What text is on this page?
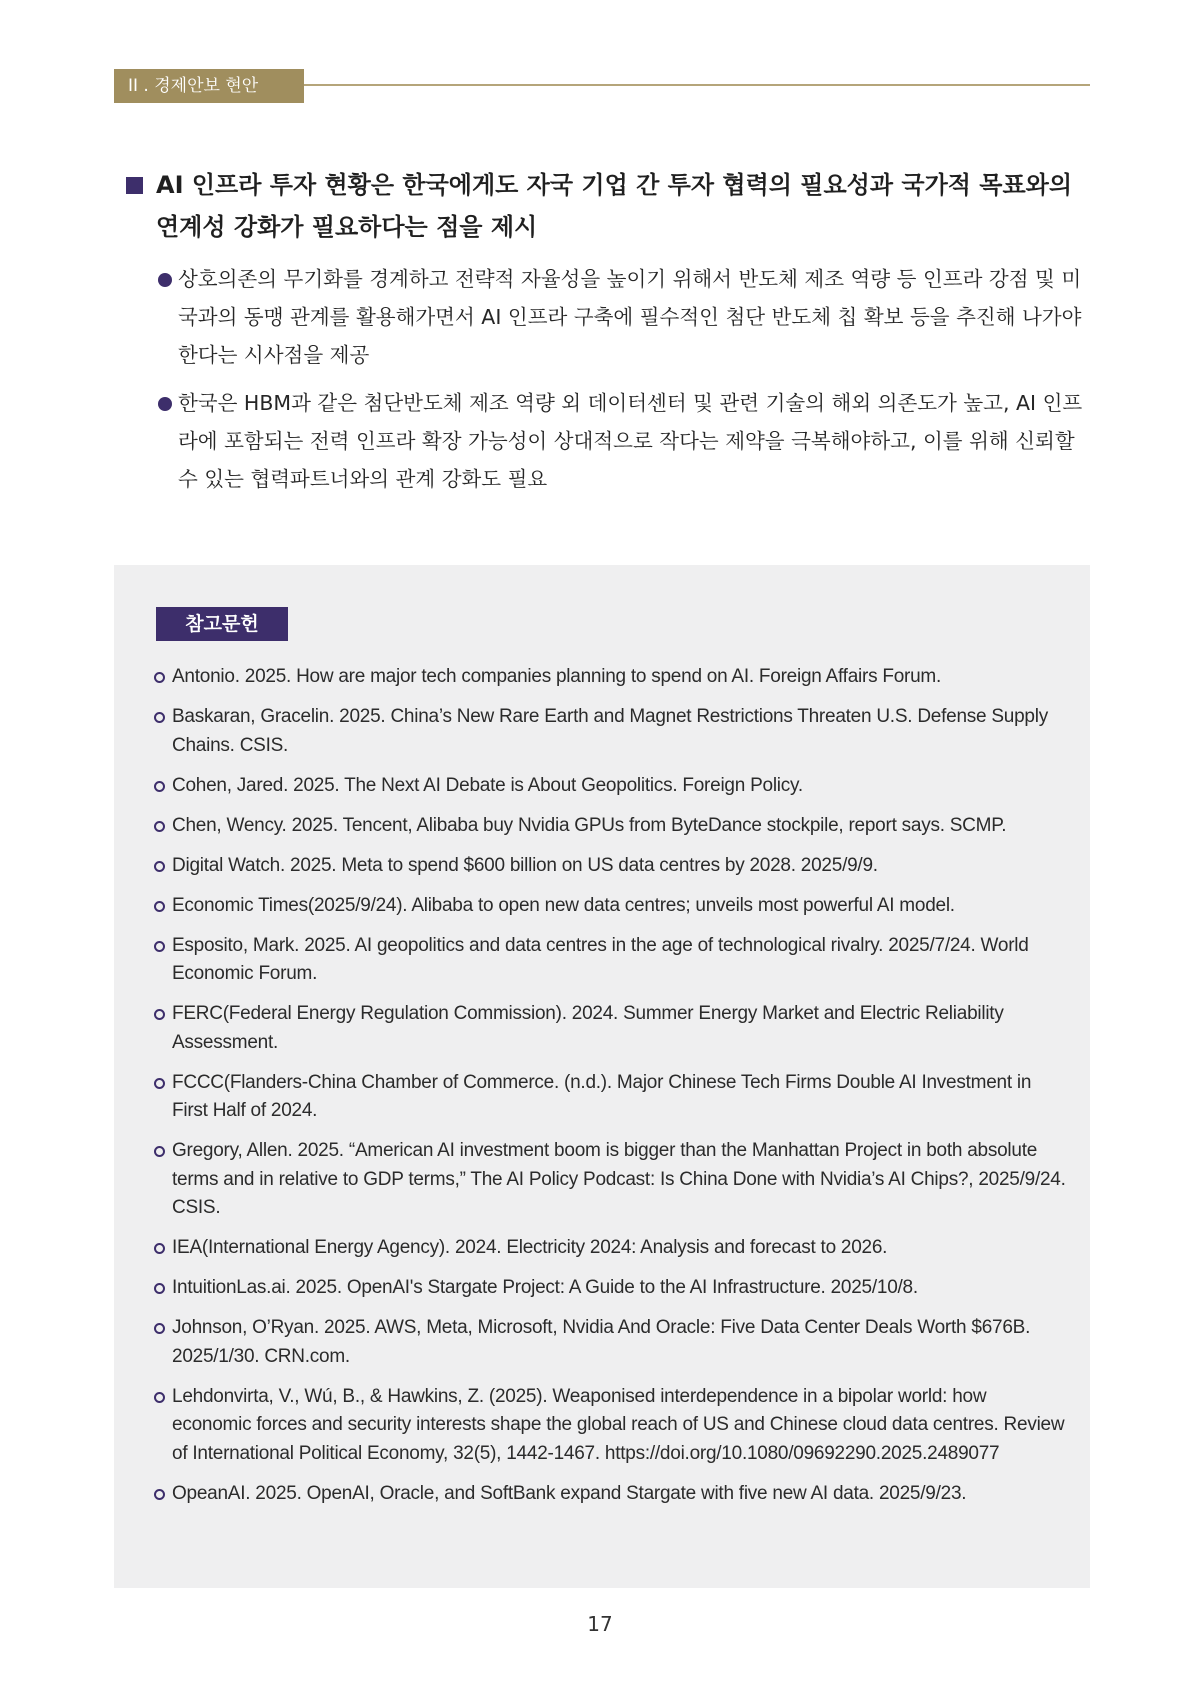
II . 경제안보 현안
AI 인프라 투자 현황은 한국에게도 자국 기업 간 투자 협력의 필요성과 국가적 목표와의 연계성 강화가 필요하다는 점을 제시
상호의존의 무기화를 경계하고 전략적 자율성을 높이기 위해서 반도체 제조 역량 등 인프라 강점 및 미국과의 동맹 관계를 활용해가면서 AI 인프라 구축에 필수적인 첨단 반도체 칩 확보 등을 추진해 나가야한다는 시사점을 제공
한국은 HBM과 같은 첨단반도체 제조 역량 외 데이터센터 및 관련 기술의 해외 의존도가 높고, AI 인프라에 포함되는 전력 인프라 확장 가능성이 상대적으로 작다는 제약을 극복해야하고, 이를 위해 신뢰할 수 있는 협력파트너와의 관계 강화도 필요
참고문헌
Antonio. 2025. How are major tech companies planning to spend on AI. Foreign Affairs Forum.
Baskaran, Gracelin. 2025. China’s New Rare Earth and Magnet Restrictions Threaten U.S. Defense Supply Chains. CSIS.
Cohen, Jared. 2025. The Next AI Debate is About Geopolitics. Foreign Policy.
Chen, Wency. 2025. Tencent, Alibaba buy Nvidia GPUs from ByteDance stockpile, report says. SCMP.
Digital Watch. 2025. Meta to spend $600 billion on US data centres by 2028. 2025/9/9.
Economic Times(2025/9/24). Alibaba to open new data centres; unveils most powerful AI model.
Esposito, Mark. 2025. AI geopolitics and data centres in the age of technological rivalry. 2025/7/24. World Economic Forum.
FERC(Federal Energy Regulation Commission). 2024. Summer Energy Market and Electric Reliability Assessment.
FCCC(Flanders-China Chamber of Commerce. (n.d.). Major Chinese Tech Firms Double AI Investment in First Half of 2024.
Gregory, Allen. 2025. “American AI investment boom is bigger than the Manhattan Project in both absolute terms and in relative to GDP terms,” The AI Policy Podcast: Is China Done with Nvidia’s AI Chips?, 2025/9/24. CSIS.
IEA(International Energy Agency). 2024. Electricity 2024: Analysis and forecast to 2026.
IntuitionLas.ai. 2025. OpenAI's Stargate Project: A Guide to the AI Infrastructure. 2025/10/8.
Johnson, O’Ryan. 2025. AWS, Meta, Microsoft, Nvidia And Oracle: Five Data Center Deals Worth $676B. 2025/1/30. CRN.com.
Lehdonvirta, V., Wú, B., & Hawkins, Z. (2025). Weaponised interdependence in a bipolar world: how economic forces and security interests shape the global reach of US and Chinese cloud data centres. Review of International Political Economy, 32(5), 1442-1467. https://doi.org/10.1080/09692290.2025.2489077
OpeanAI. 2025. OpenAI, Oracle, and SoftBank expand Stargate with five new AI data. 2025/9/23.
17
